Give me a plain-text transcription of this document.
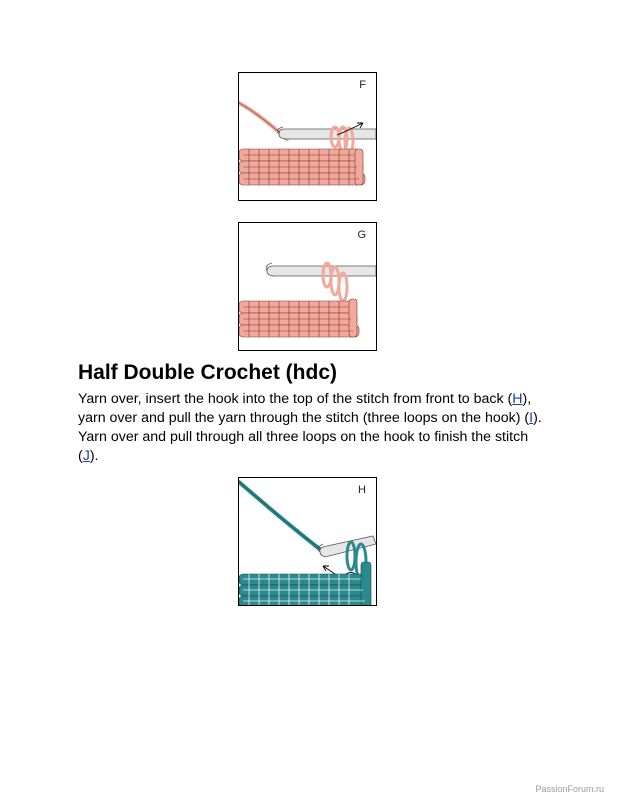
F
G
Half Double Crochet (hdc)

Yarn over, insert the hook into the top of the stitch from front to back (H), yarn over and pull the yarn through the stitch (three loops on the hook) (I). Yarn over and pull through all three loops on the hook to finish the stitch (J).

H
PassionForum.ru
